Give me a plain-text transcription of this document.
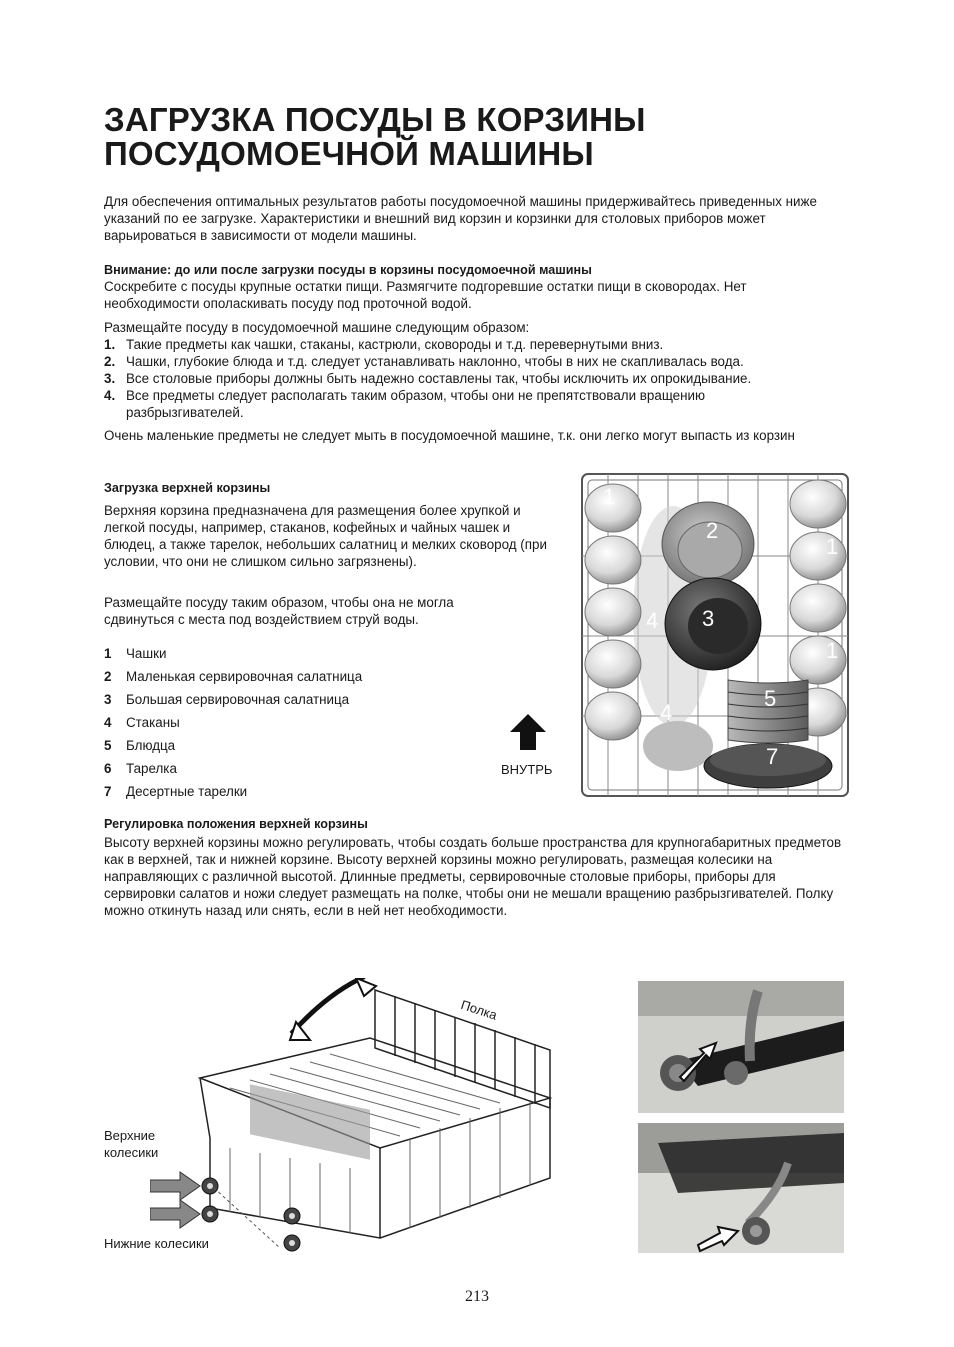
ЗАГРУЗКА ПОСУДЫ В КОРЗИНЫ ПОСУДОМОЕЧНОЙ МАШИНЫ

Для обеспечения оптимальных результатов работы посудомоечной машины придерживайтесь приведенных ниже указаний по ее загрузке. Характеристики и внешний вид корзин и корзинки для столовых приборов может варьироваться в зависимости от модели машины.

Внимание: до или после загрузки посуды в корзины посудомоечной машины

Соскребите с посуды крупные остатки пищи. Размягчите подгоревшие остатки пищи в сковородах. Нет необходимости ополаскивать посуду под проточной водой.

Размещайте посуду в посудомоечной машине следующим образом:

1. Такие предметы как чашки, стаканы, кастрюли, сковороды и т.д. перевернутыми вниз.
2. Чашки, глубокие блюда и т.д. следует устанавливать наклонно, чтобы в них не скапливалась вода.
3. Все столовые приборы должны быть надежно составлены так, чтобы исключить их опрокидывание.
4. Все предметы следует располагать таким образом, чтобы они не препятствовали вращению разбрызгивателей.

Очень маленькие предметы не следует мыть в посудомоечной машине, т.к. они легко могут выпасть из корзин

Загрузка верхней корзины

Верхняя корзина предназначена для размещения более хрупкой и легкой посуды, например, стаканов, кофейных и чайных чашек и блюдец, а также тарелок, небольших салатниц и мелких сковород (при условии, что они не слишком сильно загрязнены).

Размещайте посуду таким образом, чтобы она не могла сдвинуться с места под воздействием струй воды.

1 Чашки
2 Маленькая сервировочная салатница
3 Большая сервировочная салатница
4 Стаканы
5 Блюдца
6 Тарелка
7 Десертные тарелки
ВНУТРЬ
1
2
1
4
3
4
1
5
4
7

Регулировка положения верхней корзины

Высоту верхней корзины можно регулировать, чтобы создать больше пространства для крупногабаритных предметов как в верхней, так и нижней корзине. Высоту верхней корзины можно регулировать, размещая колесики на направляющих с различной высотой. Длинные предметы, сервировочные столовые приборы, приборы для сервировки салатов и ножи следует размещать на полке, чтобы они не мешали вращению разбрызгивателей. Полку можно откинуть назад или снять, если в ней нет необходимости.

Полка
Верхние колесики
Нижние колесики
213
